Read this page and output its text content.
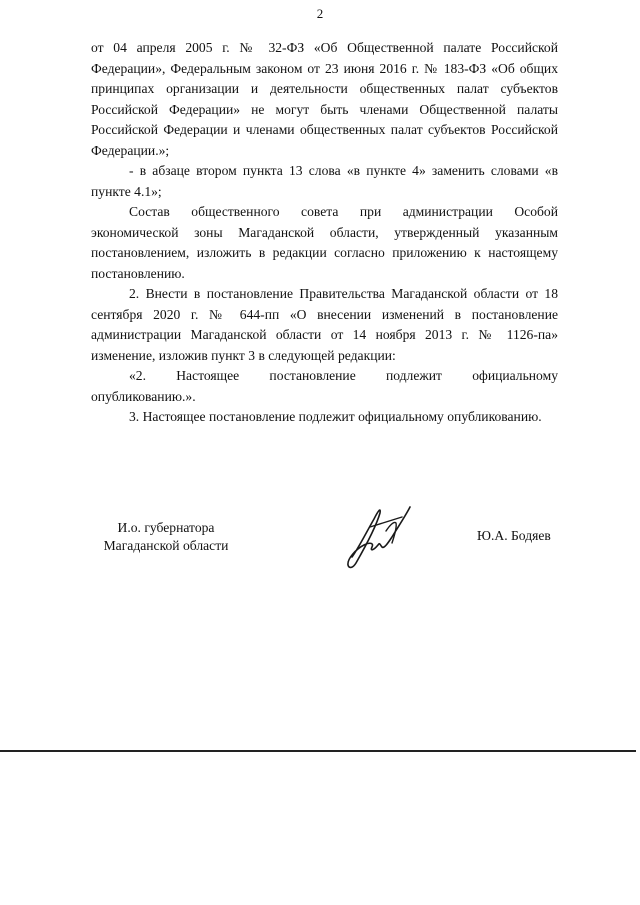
2

от 04 апреля 2005 г. № 32-ФЗ «Об Общественной палате Российской Федерации», Федеральным законом от 23 июня 2016 г. № 183-ФЗ «Об общих принципах организации и деятельности общественных палат субъектов Российской Федерации» не могут быть членами Общественной палаты Российской Федерации и членами общественных палат субъектов Российской Федерации.»;

- в абзаце втором пункта 13 слова «в пункте 4» заменить словами «в пункте 4.1»;

Состав общественного совета при администрации Особой экономической зоны Магаданской области, утвержденный указанным постановлением, изложить в редакции согласно приложению к настоящему постановлению.

2. Внести в постановление Правительства Магаданской области от 18 сентября 2020 г. № 644-пп «О внесении изменений в постановление администрации Магаданской области от 14 ноября 2013 г. № 1126-па» изменение, изложив пункт 3 в следующей редакции:

«2. Настоящее постановление подлежит официальному опубликованию.».

3. Настоящее постановление подлежит официальному опубликованию.

И.о. губернатора
Магаданской области
Ю.А. Бодяев
